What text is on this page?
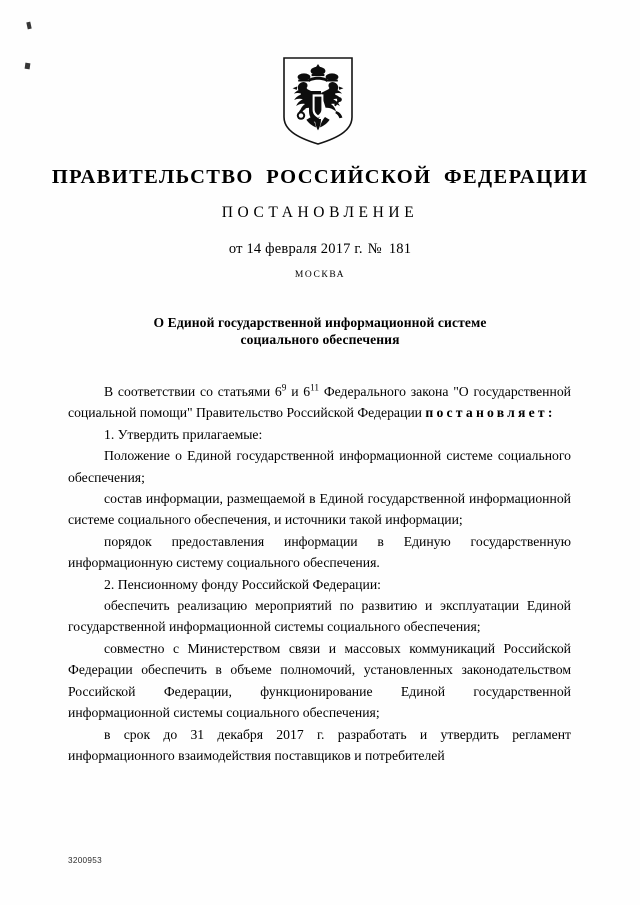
ПРАВИТЕЛЬСТВО РОССИЙСКОЙ ФЕДЕРАЦИИ
ПОСТАНОВЛЕНИЕ
от 14 февраля 2017 г. № 181
МОСКВА
О Единой государственной информационной системе
социального обеспечения

В соответствии со статьями $6^9$ и $6^{11}$ Федерального закона "О государственной социальной помощи" Правительство Российской Федерации постановляет:

1. Утвердить прилагаемые:

Положение о Единой государственной информационной системе социального обеспечения;

состав информации, размещаемой в Единой государственной информационной системе социального обеспечения, и источники такой информации;

порядок предоставления информации в Единую государственную информационную систему социального обеспечения.

2. Пенсионному фонду Российской Федерации:

обеспечить реализацию мероприятий по развитию и эксплуатации Единой государственной информационной системы социального обеспечения;

совместно с Министерством связи и массовых коммуникаций Российской Федерации обеспечить в объеме полномочий, установленных законодательством Российской Федерации, функционирование Единой государственной информационной системы социального обеспечения;

в срок до 31 декабря 2017 г. разработать и утвердить регламент информационного взаимодействия поставщиков и потребителей

3200953
